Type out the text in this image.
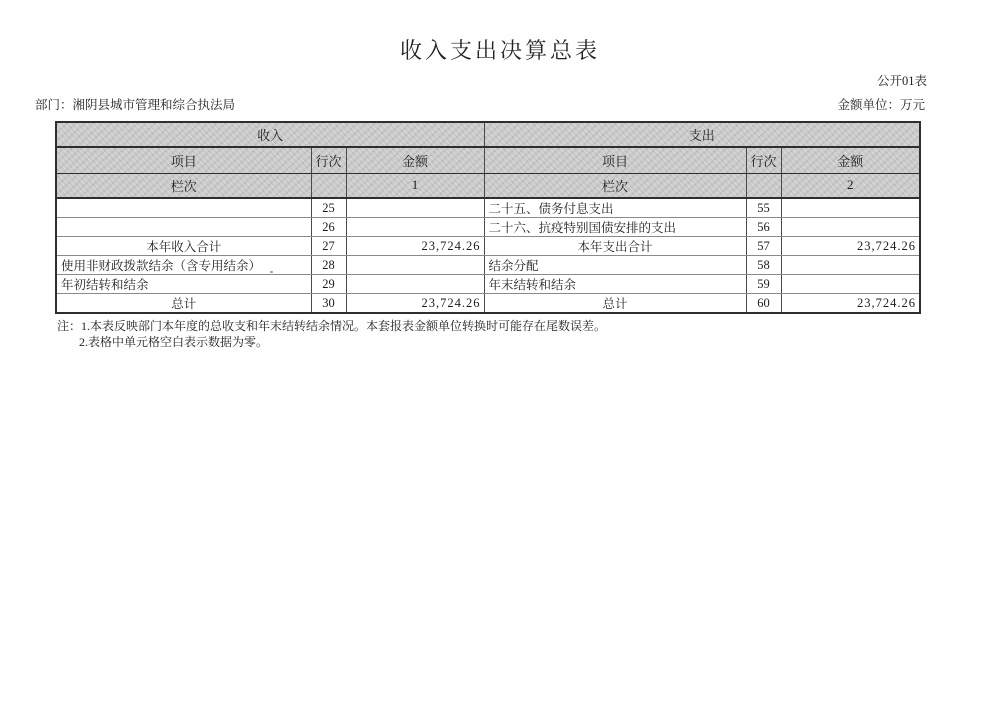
收入支出决算总表
公开01表
部门：湘阴县城市管理和综合执法局	金额单位：万元
收入			支出		
项目	行次	金额	项目	行次	金额
栏次		1	栏次		2
	25		二十五、债务付息支出	55	
	26		二十六、抗疫特别国债安排的支出	56	
本年收入合计	27	23,724.26	本年支出合计	57	23,724.26
使用非财政拨款结余（含专用结余）	28		结余分配	58	
年初结转和结余	29		年末结转和结余	59	
总计	30	23,724.26	总计	60	23,724.26
注：1.本表反映部门本年度的总收支和年末结转结余情况。本套报表金额单位转换时可能存在尾数误差。
2.表格中单元格空白表示数据为零。
